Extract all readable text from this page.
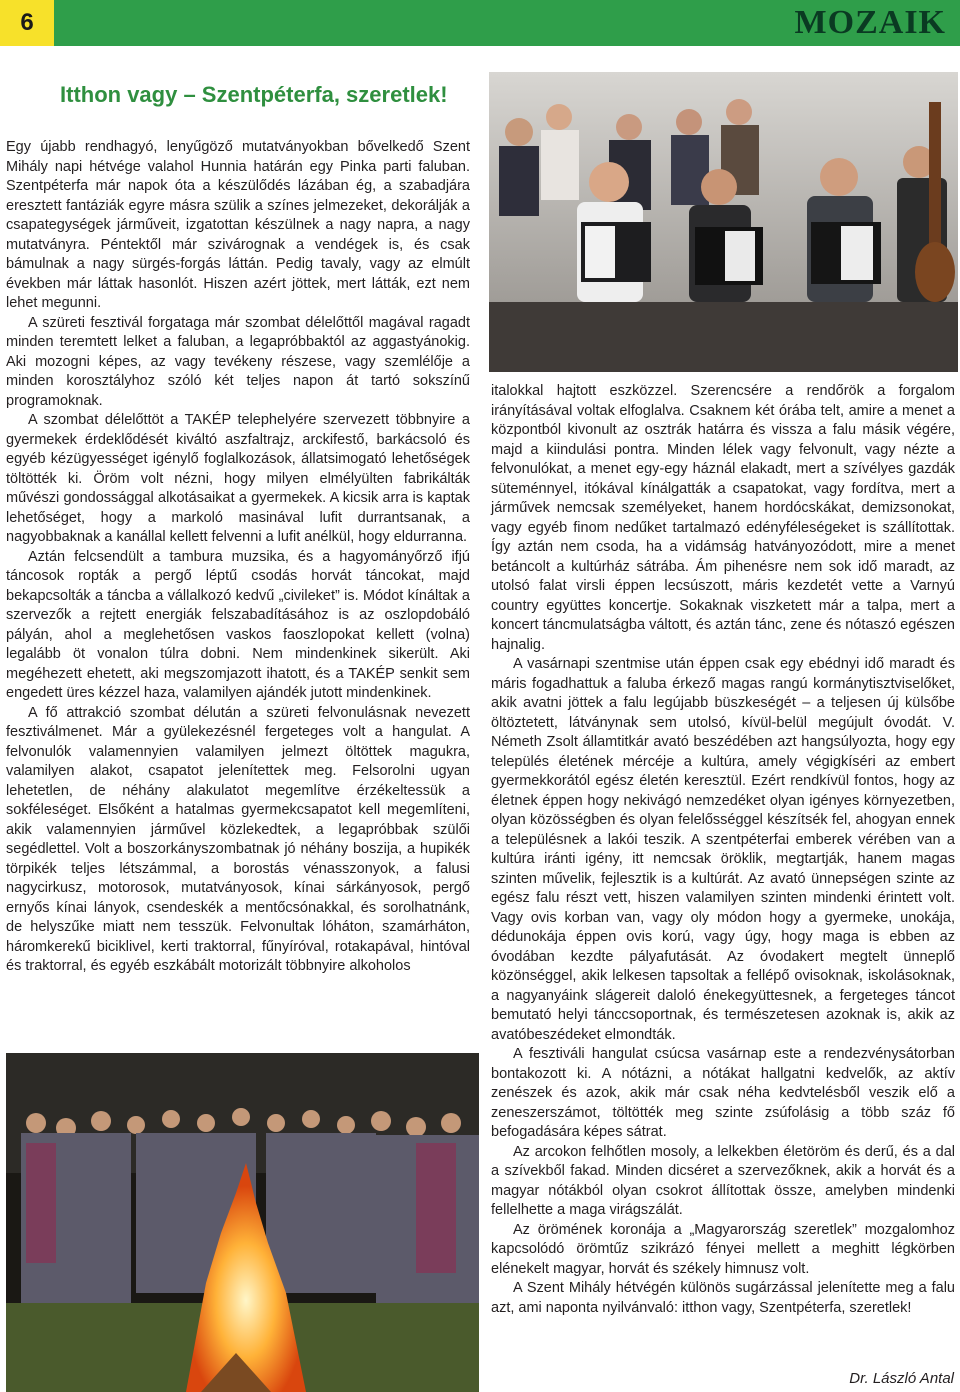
6	MOZAIK
Itthon vagy – Szentpéterfa, szeretlek!

Egy újabb rendhagyó, lenyűgöző mutatványokban bővelkedő Szent Mihály napi hétvége valahol Hunnia határán egy Pinka parti faluban. Szentpéterfa már napok óta a készülődés lázában ég, a szabadjára eresztett fantáziák egyre másra szülik a színes jelmezeket, dekorálják a csapategységek járműveit, izgatottan készülnek a nagy napra, a nagy mutatványra. Péntektől már szivárognak a vendégek is, és csak bámulnak a nagy sürgés-forgás láttán. Pedig tavaly, vagy az elmúlt években már láttak hasonlót. Hiszen azért jöttek, mert látták, ezt nem lehet megunni.

A szüreti fesztivál forgataga már szombat délelőttől magával ragadt minden teremtett lelket a faluban, a legapróbbaktól az aggastyánokig. Aki mozogni képes, az vagy tevékeny részese, vagy szemlélője a minden korosztályhoz szóló két teljes napon át tartó sokszínű programoknak.

A szombat délelőttöt a TAKÉP telephelyére szervezett többnyire a gyermekek érdeklődését kiváltó aszfaltrajz, arckifestő, barkácsoló és egyéb kézügyességet igénylő foglalkozások, állatsimogató lehetőségek töltötték ki. Öröm volt nézni, hogy milyen elmélyülten fabrikálták művészi gondossággal alkotásaikat a gyermekek. A kicsik arra is kaptak lehetőséget, hogy a markoló masinával lufit durrantsanak, a nagyobbaknak a kanállal kellett felvenni a lufit anélkül, hogy eldurranna.

Aztán felcsendült a tambura muzsika, és a hagyományőrző ifjú táncosok ropták a pergő léptű csodás horvát táncokat, majd bekapcsolták a táncba a vállalkozó kedvű „civileket” is. Módot kínáltak a szervezők a rejtett energiák felszabadításához is az oszlopdobáló pályán, ahol a meglehetősen vaskos faoszlopokat kellett (volna) legalább öt vonalon túlra dobni. Nem mindenkinek sikerült. Aki megéhezett ehetett, aki megszomjazott ihatott, és a TAKÉP senkit sem engedett üres kézzel haza, valamilyen ajándék jutott mindenkinek.

A fő attrakció szombat délután a szüreti felvonulásnak nevezett fesztiválmenet. Már a gyülekezésnél fergeteges volt a hangulat. A felvonulók valamennyien valamilyen jelmezt öltöttek magukra, valamilyen alakot, csapatot jelenítettek meg. Felsorolni ugyan lehetetlen, de néhány alakulatot megemlítve érzékeltessük a sokféleséget. Elsőként a hatalmas gyermekcsapatot kell megemlíteni, akik valamennyien járművel közlekedtek, a legapróbbak szülői segédlettel. Volt a boszorkányszombatnak jó néhány boszija, a hupikék törpikék teljes létszámmal, a borostás vénasszonyok, a falusi nagycirkusz, motorosok, mutatványosok, kínai sárkányosok, pergő ernyős kínai lányok, csendeskék a mentőcsónakkal, és sorolhatnánk, de helyszűke miatt nem tesszük. Felvonultak lóháton, szamárháton, háromkerekű biciklivel, kerti traktorral, fűnyíróval, rotakapával, hintóval és traktorral, és egyéb eszkábált motorizált többnyire alkoholos

italokkal hajtott eszközzel. Szerencsére a rendőrök a forgalom irányításával voltak elfoglalva. Csaknem két órába telt, amire a menet a központból kivonult az osztrák határra és vissza a falu másik végére, majd a kiindulási pontra. Minden lélek vagy felvonult, vagy nézte a felvonulókat, a menet egy-egy háznál elakadt, mert a szívélyes gazdák süteménnyel, itókával kínálgatták a csapatokat, vagy fordítva, mert a járművek nemcsak személyeket, hanem hordócskákat, demizsonokat, vagy egyéb finom nedűket tartalmazó edényféleségeket is szállítottak. Így aztán nem csoda, ha a vidámság hatványozódott, mire a menet betáncolt a kultúrház sátrába. Ám pihenésre nem sok idő maradt, az utolsó falat virsli éppen lecsúszott, máris kezdetét vette a Varnyú country együttes koncertje. Sokaknak viszketett már a talpa, mert a koncert táncmulatságba váltott, és aztán tánc, zene és nótaszó egészen hajnalig.

A vasárnapi szentmise után éppen csak egy ebédnyi idő maradt és máris fogadhattuk a faluba érkező magas rangú kormánytisztviselőket, akik avatni jöttek a falu legújabb büszkeségét – a teljesen új külsőbe öltöztetett, látványnak sem utolsó, kívül-belül megújult óvodát. V. Németh Zsolt államtitkár avató beszédében azt hangsúlyozta, hogy egy település életének mércéje a kultúra, amely végigkíséri az embert gyermekkorától egész életén keresztül. Ezért rendkívül fontos, hogy az életnek éppen hogy nekivágó nemzedéket olyan igényes környezetben, olyan közösségben és olyan felelősséggel készítsék fel, ahogyan ennek a településnek a lakói teszik. A szentpéterfai emberek vérében van a kultúra iránti igény, itt nemcsak öröklik, megtartják, hanem magas szinten művelik, fejlesztik is a kultúrát. Az avató ünnepségen szinte az egész falu részt vett, hiszen valamilyen szinten mindenki érintett volt. Vagy ovis korban van, vagy oly módon hogy a gyermeke, unokája, dédunokája éppen ovis korú, vagy úgy, hogy maga is ebben az óvodában kezdte pályafutását. Az óvodakert megtelt ünneplő közönséggel, akik lelkesen tapsoltak a fellépő ovisoknak, iskolásoknak, a nagyanyáink slágereit daloló énekegyüttesnek, a fergeteges táncot bemutató helyi tánccsoportnak, és természetesen azoknak is, akik az avatóbeszédeket elmondták.

A fesztiváli hangulat csúcsa vasárnap este a rendezvénysátorban bontakozott ki. A nótázni, a nótákat hallgatni kedvelők, az aktív zenészek és azok, akik már csak néha kedvtelésből veszik elő a zeneszerszámot, töltötték meg szinte zsúfolásig a több száz fő befogadására képes sátrat.

Az arcokon felhőtlen mosoly, a lelkekben életöröm és derű, és a dal a szívekből fakad. Minden dicséret a szervezőknek, akik a horvát és a magyar nótákból olyan csokrot állítottak össze, amelyben mindenki fellelhette a maga virágszálát.

Az örömének koronája a „Magyarország szeretlek” mozgalomhoz kapcsolódó örömtűz szikrázó fényei mellett a meghitt légkörben elénekelt magyar, horvát és székely himnusz volt.

A Szent Mihály hétvégén különös sugárzással jelenítette meg a falu azt, ami naponta nyilvánvaló: itthon vagy, Szentpéterfa, szeretlek!

Dr. László Antal
